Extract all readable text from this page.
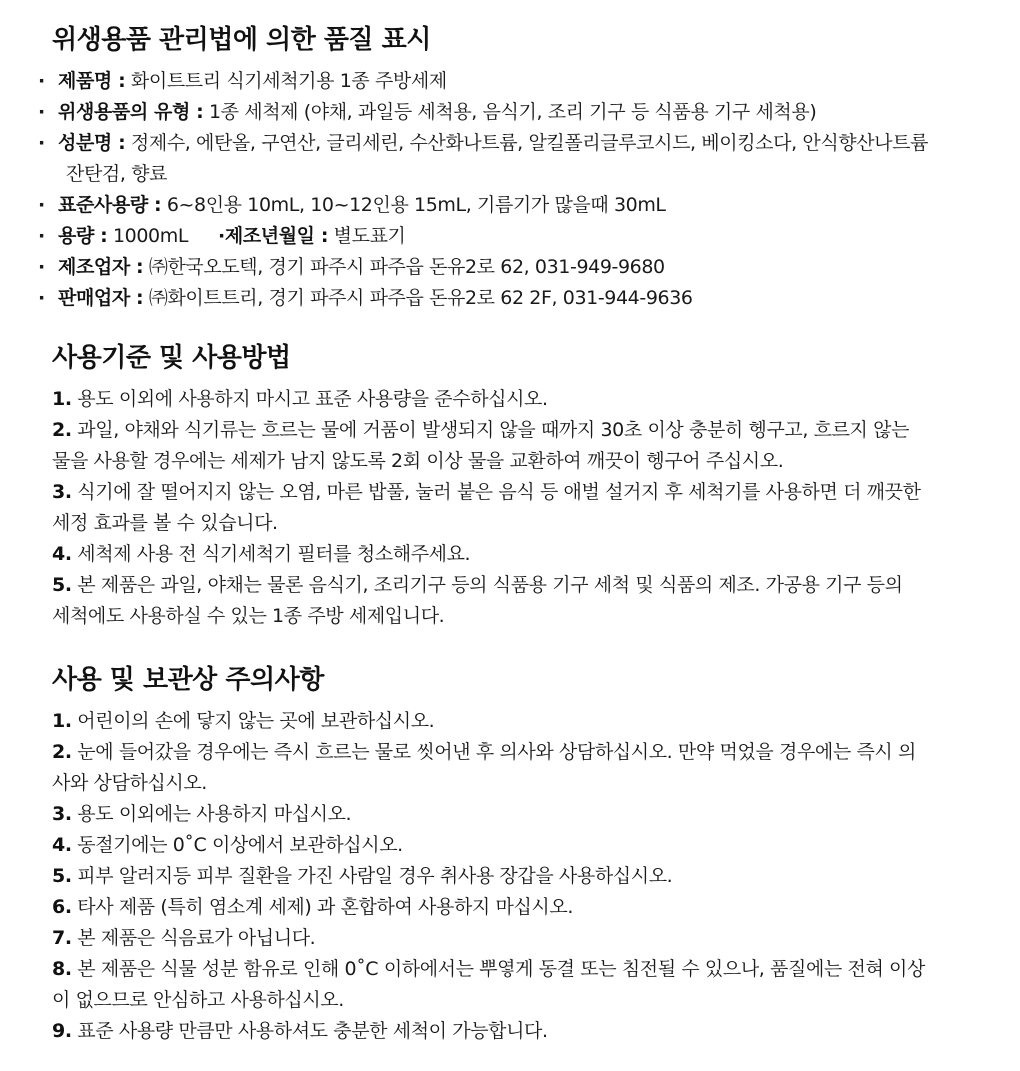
위생용품 관리법에 의한 품질 표시
· 제품명 : 화이트트리 식기세척기용 1종 주방세제
· 위생용품의 유형 : 1종 세척제 (야채, 과일등 세척용, 음식기, 조리 기구 등 식품용 기구 세척용)
· 성분명 : 정제수, 에탄올, 구연산, 글리세린, 수산화나트륨, 알킬폴리글루코시드, 베이킹소다, 안식향산나트륨
잔탄검, 향료
· 표준사용량 : 6~8인용 10mL, 10~12인용 15mL, 기름기가 많을때 30mL
· 용량 : 1000mL ·제조년월일 : 별도표기
· 제조업자 : ㈜한국오도텍, 경기 파주시 파주읍 돈유2로 62, 031-949-9680
· 판매업자 : ㈜화이트트리, 경기 파주시 파주읍 돈유2로 62 2F, 031-944-9636
사용기준 및 사용방법
1. 용도 이외에 사용하지 마시고 표준 사용량을 준수하십시오.
2. 과일, 야채와 식기류는 흐르는 물에 거품이 발생되지 않을 때까지 30초 이상 충분히 헹구고, 흐르지 않는
물을 사용할 경우에는 세제가 남지 않도록 2회 이상 물을 교환하여 깨끗이 헹구어 주십시오.
3. 식기에 잘 떨어지지 않는 오염, 마른 밥풀, 눌러 붙은 음식 등 애벌 설거지 후 세척기를 사용하면 더 깨끗한
세정 효과를 볼 수 있습니다.
4. 세척제 사용 전 식기세척기 필터를 청소해주세요.
5. 본 제품은 과일, 야채는 물론 음식기, 조리기구 등의 식품용 기구 세척 및 식품의 제조. 가공용 기구 등의
세척에도 사용하실 수 있는 1종 주방 세제입니다.
사용 및 보관상 주의사항
1. 어린이의 손에 닿지 않는 곳에 보관하십시오.
2. 눈에 들어갔을 경우에는 즉시 흐르는 물로 씻어낸 후 의사와 상담하십시오. 만약 먹었을 경우에는 즉시 의
사와 상담하십시오.
3. 용도 이외에는 사용하지 마십시오.
4. 동절기에는 0˚C 이상에서 보관하십시오.
5. 피부 알러지등 피부 질환을 가진 사람일 경우 취사용 장갑을 사용하십시오.
6. 타사 제품 (특히 염소계 세제) 과 혼합하여 사용하지 마십시오.
7. 본 제품은 식음료가 아닙니다.
8. 본 제품은 식물 성분 함유로 인해 0˚C 이하에서는 뿌옇게 동결 또는 침전될 수 있으나, 품질에는 전혀 이상
이 없으므로 안심하고 사용하십시오.
9. 표준 사용량 만큼만 사용하셔도 충분한 세척이 가능합니다.
